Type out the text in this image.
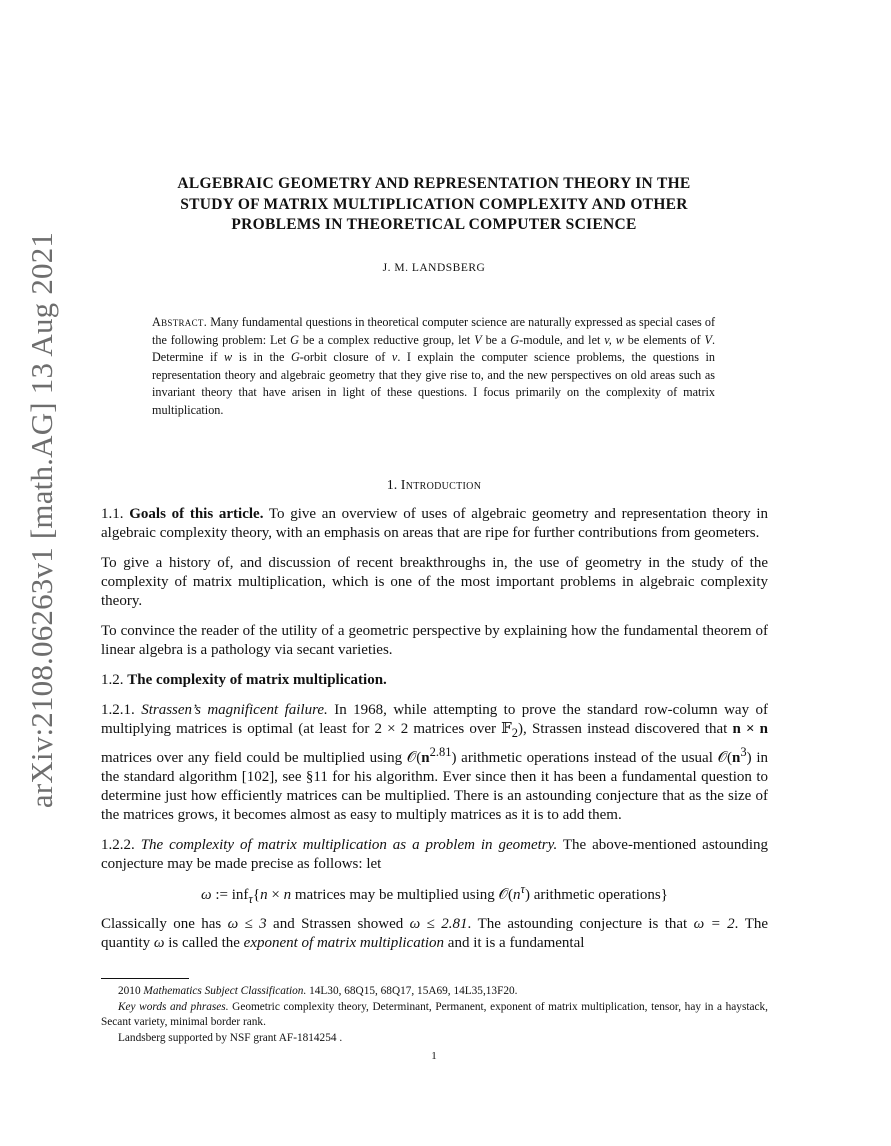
arXiv:2108.06263v1 [math.AG] 13 Aug 2021
ALGEBRAIC GEOMETRY AND REPRESENTATION THEORY IN THE
STUDY OF MATRIX MULTIPLICATION COMPLEXITY AND OTHER
PROBLEMS IN THEORETICAL COMPUTER SCIENCE
J. M. LANDSBERG
Abstract. Many fundamental questions in theoretical computer science are naturally expressed as special cases of the following problem: Let G be a complex reductive group, let V be a G-module, and let v, w be elements of V. Determine if w is in the G-orbit closure of v. I explain the computer science problems, the questions in representation theory and algebraic geometry that they give rise to, and the new perspectives on old areas such as invariant theory that have arisen in light of these questions. I focus primarily on the complexity of matrix multiplication.
1. Introduction

1.1. Goals of this article. To give an overview of uses of algebraic geometry and representation theory in algebraic complexity theory, with an emphasis on areas that are ripe for further contributions from geometers.

To give a history of, and discussion of recent breakthroughs in, the use of geometry in the study of the complexity of matrix multiplication, which is one of the most important problems in algebraic complexity theory.

To convince the reader of the utility of a geometric perspective by explaining how the fundamental theorem of linear algebra is a pathology via secant varieties.

1.2. The complexity of matrix multiplication.

1.2.1. Strassen’s magnificent failure. In 1968, while attempting to prove the standard row-column way of multiplying matrices is optimal (at least for 2 × 2 matrices over 𝔽$_2$), Strassen instead discovered that n × n matrices over any field could be multiplied using $𝒪(n^{2.81})$ arithmetic operations instead of the usual $𝒪(n^3)$ in the standard algorithm [102], see §11 for his algorithm. Ever since then it has been a fundamental question to determine just how efficiently matrices can be multiplied. There is an astounding conjecture that as the size of the matrices grows, it becomes almost as easy to multiply matrices as it is to add them.

1.2.2. The complexity of matrix multiplication as a problem in geometry. The above-mentioned astounding conjecture may be made precise as follows: let

ω := inf$_\tau${n × n matrices may be multiplied using $𝒪(n^\tau)$ arithmetic operations}

Classically one has ω ≤ 3 and Strassen showed ω ≤ 2.81. The astounding conjecture is that ω = 2. The quantity ω is called the exponent of matrix multiplication and it is a fundamental

2010 Mathematics Subject Classification. 14L30, 68Q15, 68Q17, 15A69, 14L35,13F20.

Key words and phrases. Geometric complexity theory, Determinant, Permanent, exponent of matrix multiplication, tensor, hay in a haystack, Secant variety, minimal border rank.

Landsberg supported by NSF grant AF-1814254 .

1
